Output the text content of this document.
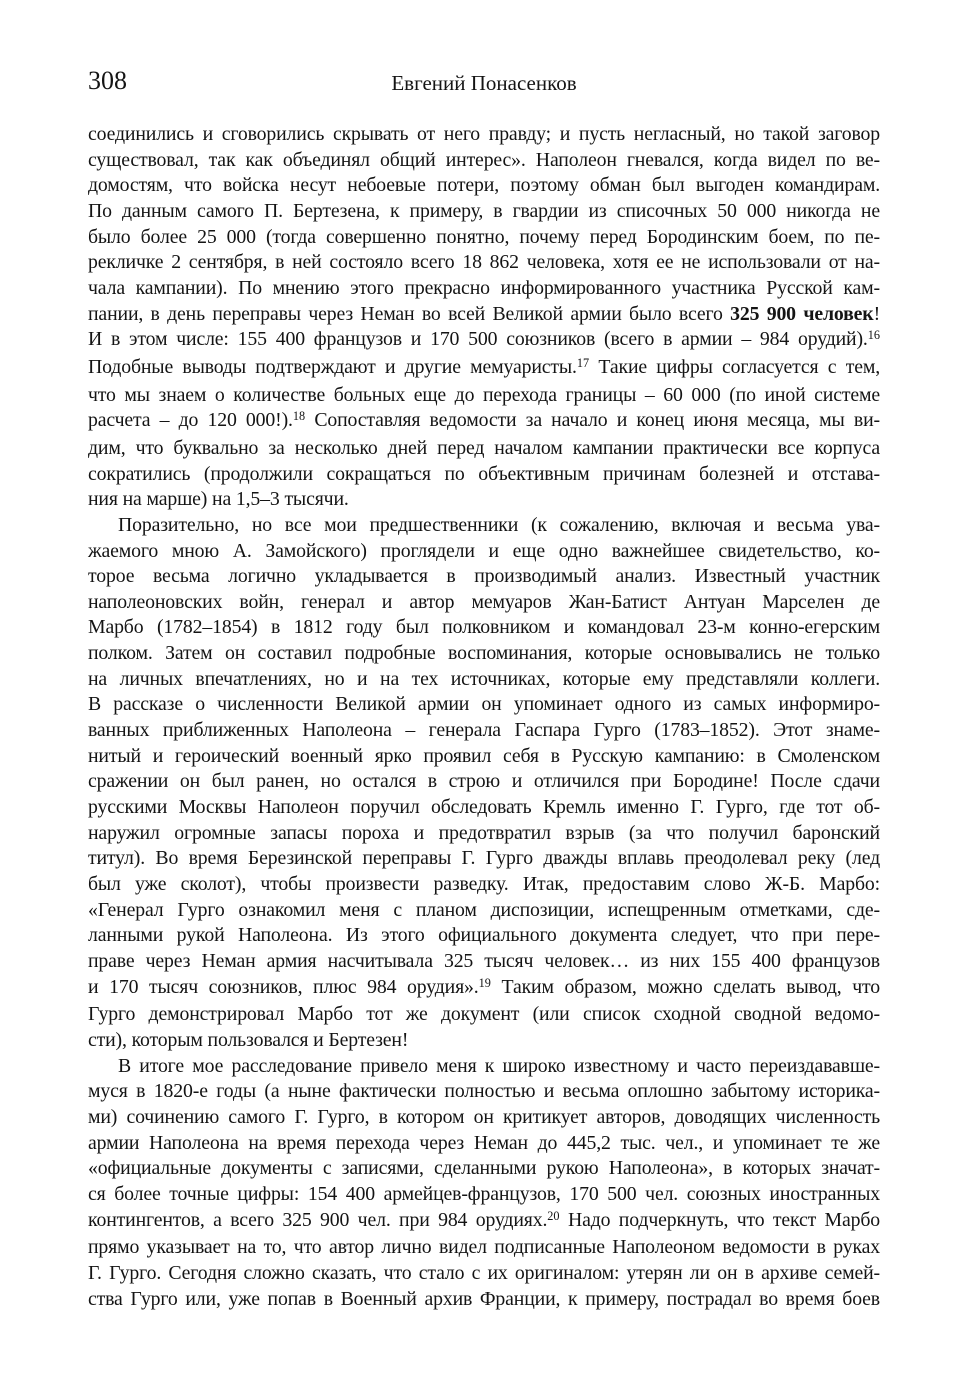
308	Евгений Понасенков
соединились и сговорились скрывать от него правду; и пусть негласный, но такой заговор
существовал, так как объединял общий интерес». Наполеон гневался, когда видел по ве-
домостям, что войска несут небоевые потери, поэтому обман был выгоден командирам.
По данным самого П. Бертезена, к примеру, в гвардии из списочных 50 000 никогда не
было более 25 000 (тогда совершенно понятно, почему перед Бородинским боем, по пе-
рекличке 2 сентября, в ней состояло всего 18 862 человека, хотя ее не использовали от на-
чала кампании). По мнению этого прекрасно информированного участника Русской кам-
пании, в день переправы через Неман во всей Великой армии было всего 325 900 человек!
И в этом числе: 155 400 французов и 170 500 союзников (всего в армии – 984 орудий).$^{16}$
Подобные выводы подтверждают и другие мемуаристы.$^{17}$ Такие цифры согласуется с тем,
что мы знаем о количестве больных еще до перехода границы – 60 000 (по иной системе
расчета – до 120 000!).$^{18}$ Сопоставляя ведомости за начало и конец июня месяца, мы ви-
дим, что буквально за несколько дней перед началом кампании практически все корпуса
сократились (продолжили сокращаться по объективным причинам болезней и отстава-
ния на марше) на 1,5–3 тысячи.
Поразительно, но все мои предшественники (к сожалению, включая и весьма ува-
жаемого мною А. Замойского) проглядели и еще одно важнейшее свидетельство, ко-
торое весьма логично укладывается в производимый анализ. Известный участник
наполеоновских войн, генерал и автор мемуаров Жан-Батист Антуан Марселен де
Марбо (1782–1854) в 1812 году был полковником и командовал 23-м конно-егерским
полком. Затем он составил подробные воспоминания, которые основывались не только
на личных впечатлениях, но и на тех источниках, которые ему представляли коллеги.
В рассказе о численности Великой армии он упоминает одного из самых информиро-
ванных приближенных Наполеона – генерала Гаспара Гурго (1783–1852). Этот знаме-
нитый и героический военный ярко проявил себя в Русскую кампанию: в Смоленском
сражении он был ранен, но остался в строю и отличился при Бородине! После сдачи
русскими Москвы Наполеон поручил обследовать Кремль именно Г. Гурго, где тот об-
наружил огромные запасы пороха и предотвратил взрыв (за что получил баронский
титул). Во время Березинской переправы Г. Гурго дважды вплавь преодолевал реку (лед
был уже сколот), чтобы произвести разведку. Итак, предоставим слово Ж-Б. Марбо:
«Генерал Гурго ознакомил меня с планом диспозиции, испещренным отметками, сде-
ланными рукой Наполеона. Из этого официального документа следует, что при пере-
праве через Неман армия насчитывала 325 тысяч человек… из них 155 400 французов
и 170 тысяч союзников, плюс 984 орудия».$^{19}$ Таким образом, можно сделать вывод, что
Гурго демонстрировал Марбо тот же документ (или список сходной сводной ведомо-
сти), которым пользовался и Бертезен!
В итоге мое расследование привело меня к широко известному и часто переиздававше-
муся в 1820-е годы (а ныне фактически полностью и весьма оплошно забытому историка-
ми) сочинению самого Г. Гурго, в котором он критикует авторов, доводящих численность
армии Наполеона на время перехода через Неман до 445,2 тыс. чел., и упоминает те же
«официальные документы с записями, сделанными рукою Наполеона», в которых значат-
ся более точные цифры: 154 400 армейцев-французов, 170 500 чел. союзных иностранных
контингентов, а всего 325 900 чел. при 984 орудиях.$^{20}$ Надо подчеркнуть, что текст Марбо
прямо указывает на то, что автор лично видел подписанные Наполеоном ведомости в руках
Г. Гурго. Сегодня сложно сказать, что стало с их оригиналом: утерян ли он в архиве семей-
ства Гурго или, уже попав в Военный архив Франции, к примеру, пострадал во время боев
